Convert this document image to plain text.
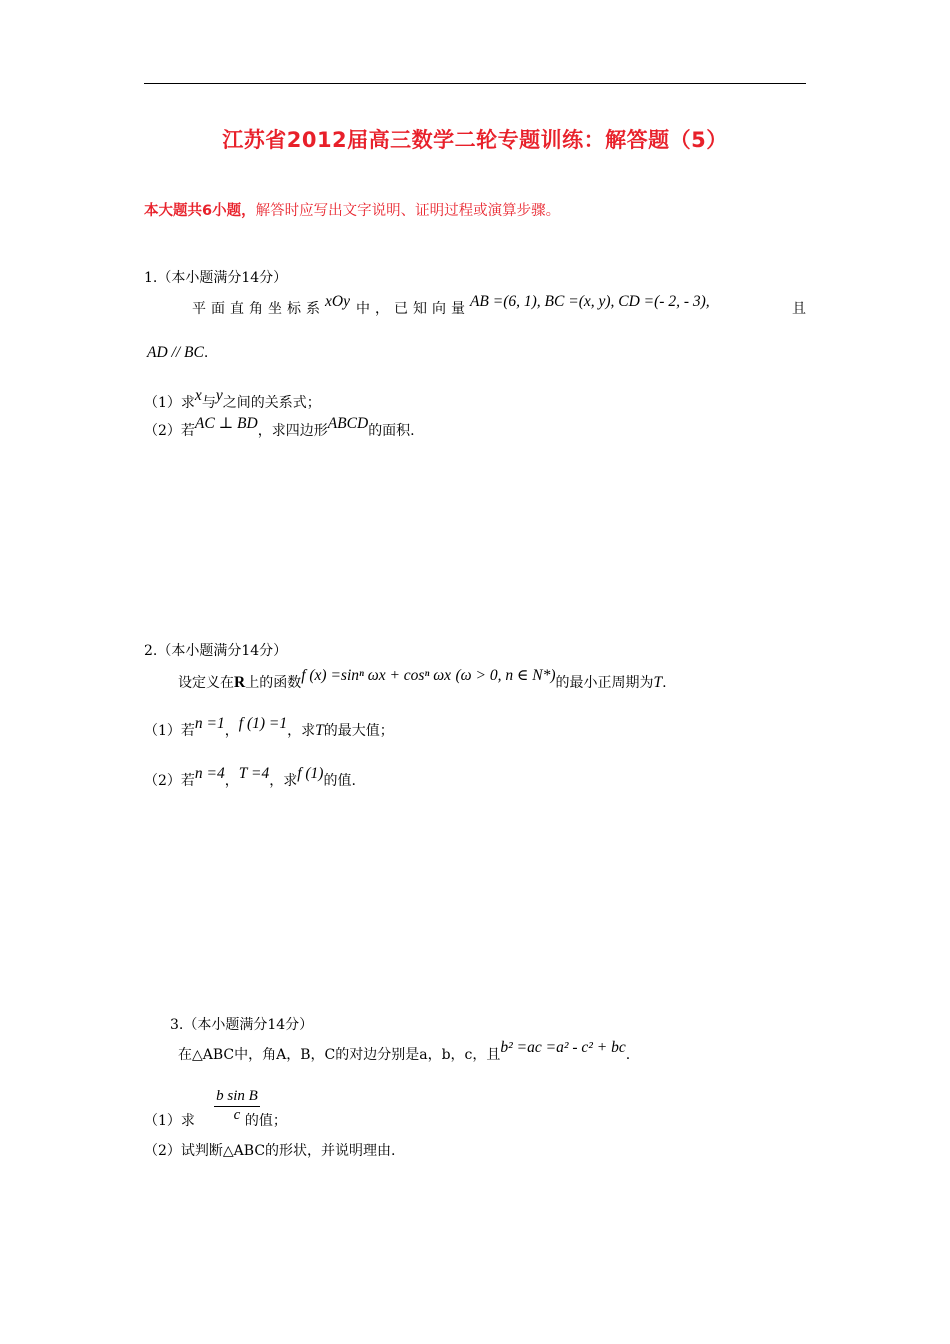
江苏省2012届高三数学二轮专题训练：解答题（5）
本大题共6小题，解答时应写出文字说明、证明过程或演算步骤。
1.（本小题满分14分）
平面直角坐标系xOy 中，已知向量AB =(6, 1), BC =(x, y), CD =(- 2, - 3),	且
AD // BC.
（1）求x与y之间的关系式；
（2）若AC ⊥ BD，求四边形ABCD的面积.
2.（本小题满分14分）
设定义在R上的函数f (x) =sinⁿ ωx + cosⁿ ωx (ω > 0, n ∈ N*)的最小正周期为T.
（1）若n =1，f (1) =1，求T的最大值；
（2）若n =4，T =4，求f (1)的值.
3.（本小题满分14分）
在△ABC中，角A，B，C的对边分别是a，b，c，且b² =ac =a² - c² + bc.
$\frac{\text{b sin B}}{c}$
（1）求	的值；
（2）试判断△ABC的形状，并说明理由.
